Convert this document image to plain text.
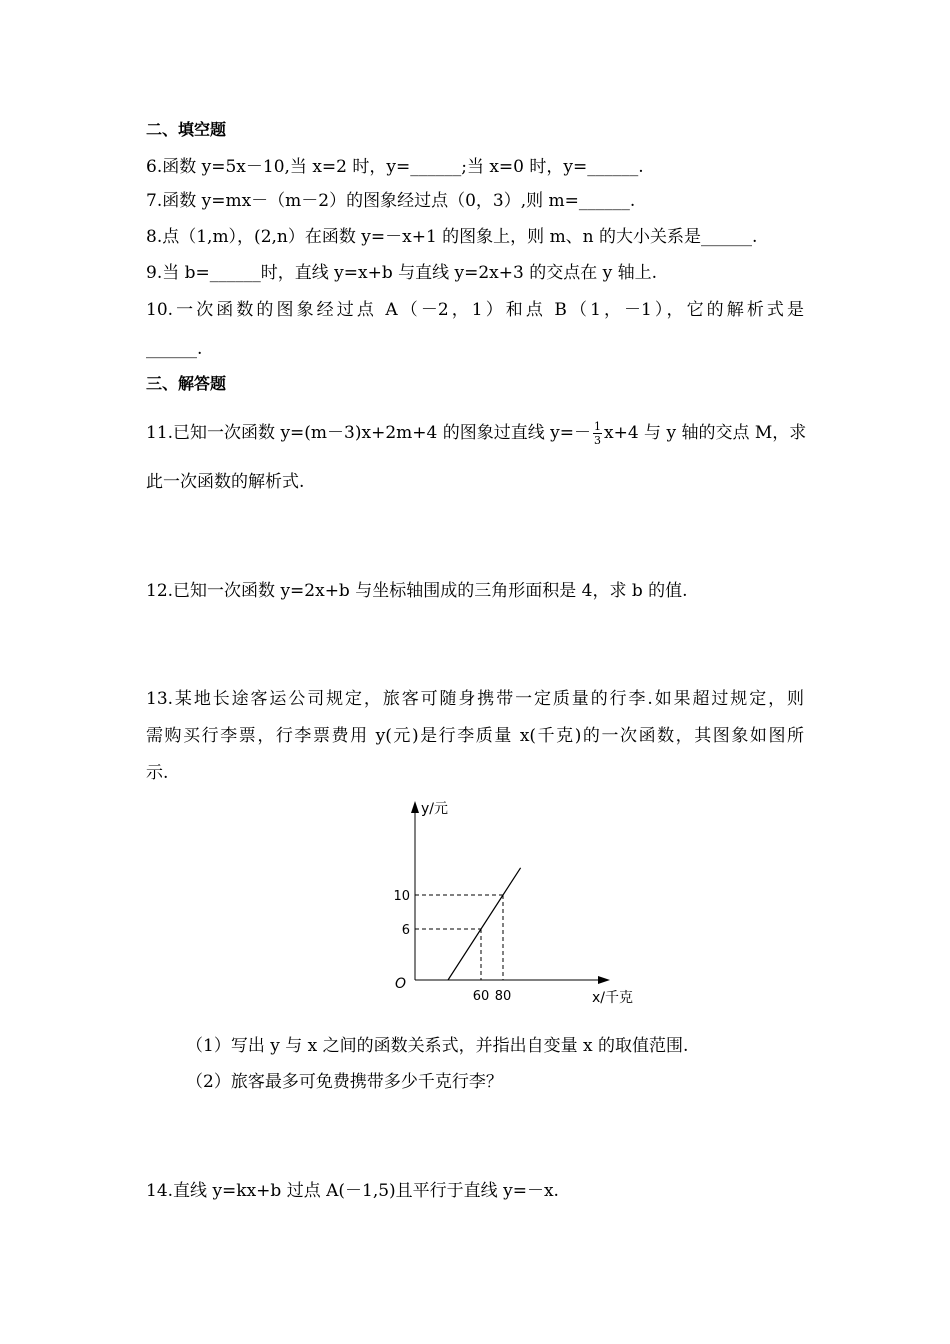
二、填空题
6.函数 y=5x－10,当 x=2 时，y=______;当 x=0 时，y=______.
7.函数 y=mx－（m－2）的图象经过点（0，3）,则 m=______.
8.点（1,m），(2,n）在函数 y=－x+1 的图象上，则 m、n 的大小关系是______.
9.当 b=______时，直线 y=x+b 与直线 y=2x+3 的交点在 y 轴上.
10.一次函数的图象经过点 A（－2，1）和点 B（1，－1），它的解析式是
______.
三、解答题
11.已知一次函数 y=(m－3)x+2m+4 的图象过直线 $y=- \frac{1}{3} x+4$ 与 y 轴的交点 M，求
此一次函数的解析式.
12.已知一次函数 y=2x+b 与坐标轴围成的三角形面积是 4，求 b 的值.
13.某地长途客运公司规定，旅客可随身携带一定质量的行李.如果超过规定，则
需购买行李票，行李票费用 y(元)是行李质量 x(千克)的一次函数，其图象如图所
示.
60 80
6
10
O
y/元
x/千克
（1）写出 y 与 x 之间的函数关系式，并指出自变量 x 的取值范围.
（2）旅客最多可免费携带多少千克行李？
14.直线 y=kx+b 过点 A(－1,5)且平行于直线 y=－x.
